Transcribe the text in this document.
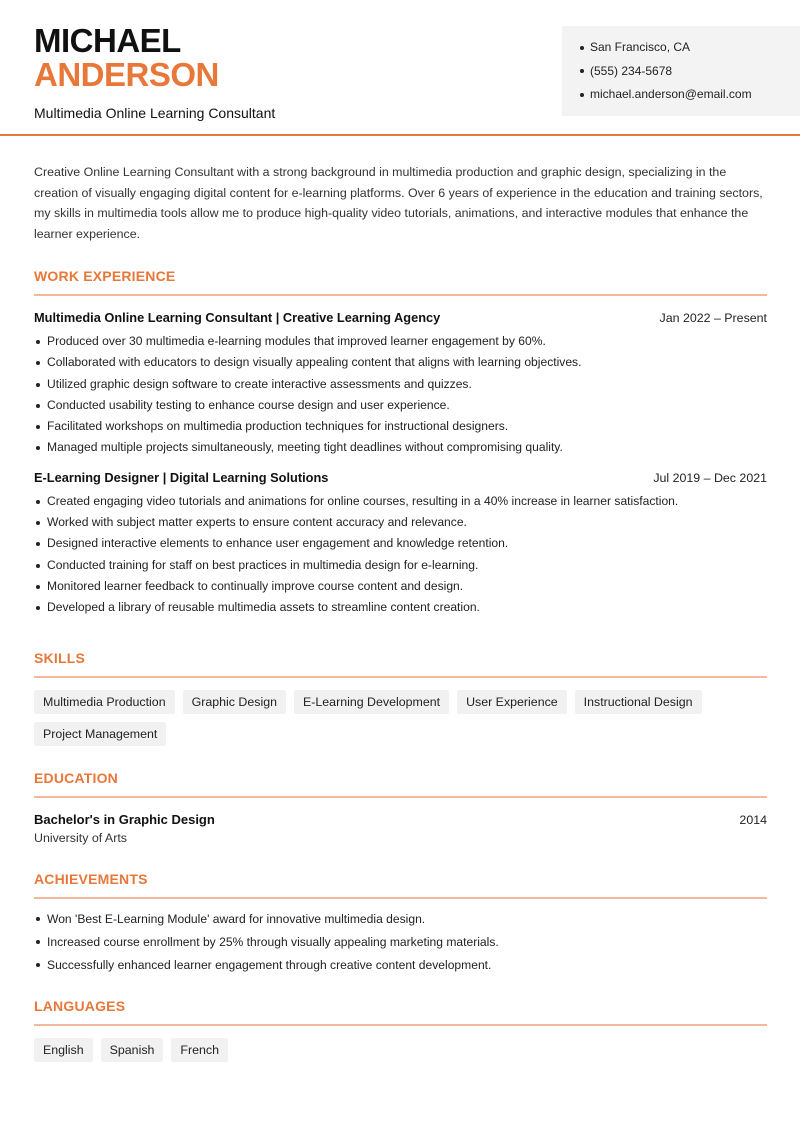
MICHAEL
ANDERSON
Multimedia Online Learning Consultant
San Francisco, CA
(555) 234-5678
michael.anderson@email.com

Creative Online Learning Consultant with a strong background in multimedia production and graphic design, specializing in the creation of visually engaging digital content for e-learning platforms. Over 6 years of experience in the education and training sectors, my skills in multimedia tools allow me to produce high-quality video tutorials, animations, and interactive modules that enhance the learner experience.

WORK EXPERIENCE
Multimedia Online Learning Consultant | Creative Learning Agency	Jan 2022 – Present
Produced over 30 multimedia e-learning modules that improved learner engagement by 60%.
Collaborated with educators to design visually appealing content that aligns with learning objectives.
Utilized graphic design software to create interactive assessments and quizzes.
Conducted usability testing to enhance course design and user experience.
Facilitated workshops on multimedia production techniques for instructional designers.
Managed multiple projects simultaneously, meeting tight deadlines without compromising quality.
E-Learning Designer | Digital Learning Solutions	Jul 2019 – Dec 2021
Created engaging video tutorials and animations for online courses, resulting in a 40% increase in learner satisfaction.
Worked with subject matter experts to ensure content accuracy and relevance.
Designed interactive elements to enhance user engagement and knowledge retention.
Conducted training for staff on best practices in multimedia design for e-learning.
Monitored learner feedback to continually improve course content and design.
Developed a library of reusable multimedia assets to streamline content creation.
SKILLS
Multimedia Production	Graphic Design	E-Learning Development	User Experience	Instructional Design
Project Management
EDUCATION
Bachelor's in Graphic Design	2014
University of Arts
ACHIEVEMENTS
Won 'Best E-Learning Module' award for innovative multimedia design.
Increased course enrollment by 25% through visually appealing marketing materials.
Successfully enhanced learner engagement through creative content development.
LANGUAGES
English	Spanish	French
